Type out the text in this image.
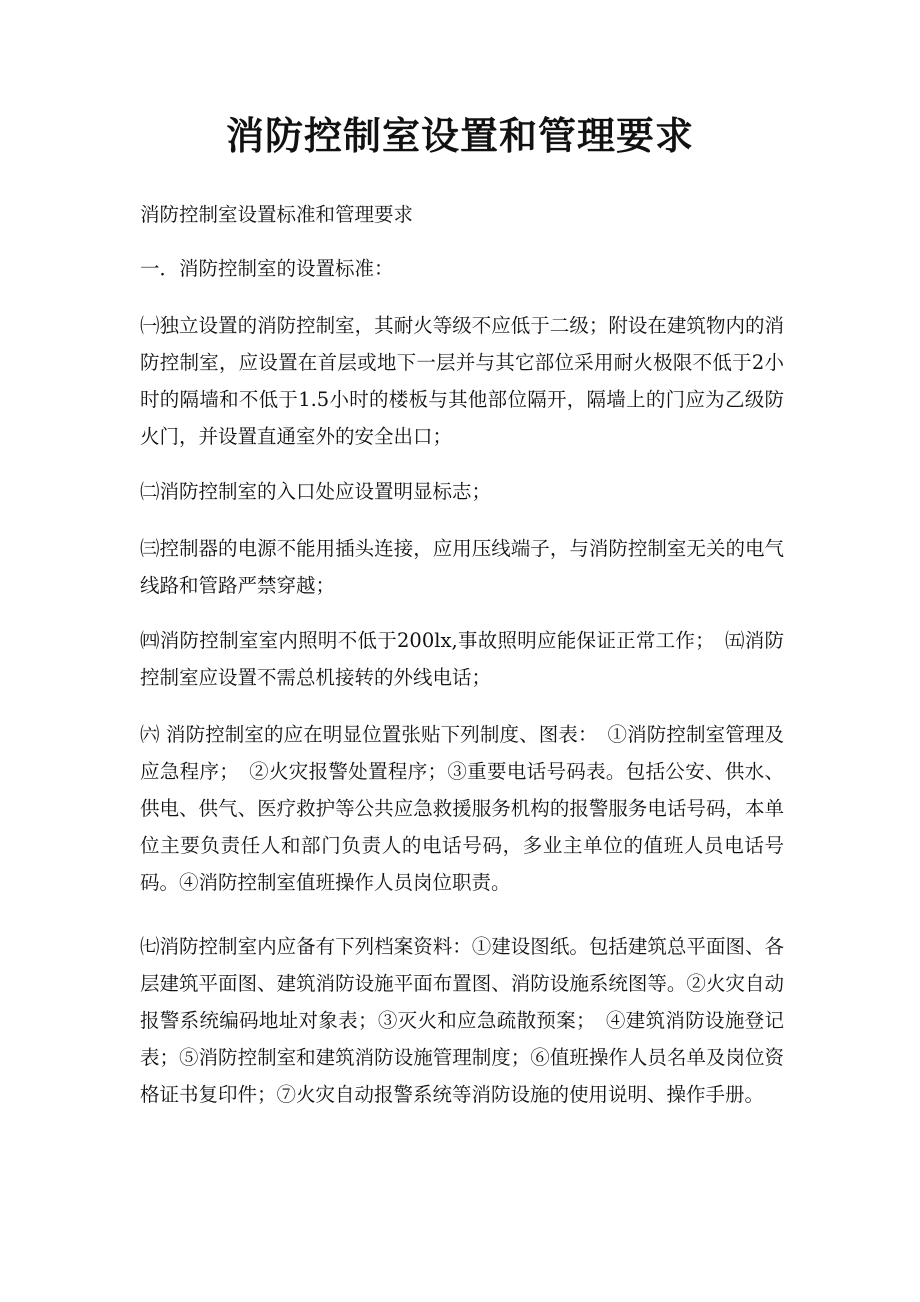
消防控制室设置和管理要求

消防控制室设置标准和管理要求

一．消防控制室的设置标准：

㈠独立设置的消防控制室，其耐火等级不应低于二级；附设在建筑物内的消防控制室，应设置在首层或地下一层并与其它部位采用耐火极限不低于2小时的隔墙和不低于1.5小时的楼板与其他部位隔开，隔墙上的门应为乙级防火门，并设置直通室外的安全出口；

㈡消防控制室的入口处应设置明显标志；

㈢控制器的电源不能用插头连接，应用压线端子，与消防控制室无关的电气线路和管路严禁穿越；

㈣消防控制室室内照明不低于200lx,事故照明应能保证正常工作；　㈤消防控制室应设置不需总机接转的外线电话；

㈥ 消防控制室的应在明显位置张贴下列制度、图表：　①消防控制室管理及应急程序；　②火灾报警处置程序；③重要电话号码表。包括公安、供水、供电、供气、医疗救护等公共应急救援服务机构的报警服务电话号码，本单位主要负责任人和部门负责人的电话号码，多业主单位的值班人员电话号码。④消防控制室值班操作人员岗位职责。

㈦消防控制室内应备有下列档案资料：①建设图纸。包括建筑总平面图、各层建筑平面图、建筑消防设施平面布置图、消防设施系统图等。②火灾自动报警系统编码地址对象表；③灭火和应急疏散预案；　④建筑消防设施登记表；⑤消防控制室和建筑消防设施管理制度；⑥值班操作人员名单及岗位资格证书复印件；⑦火灾自动报警系统等消防设施的使用说明、操作手册。
